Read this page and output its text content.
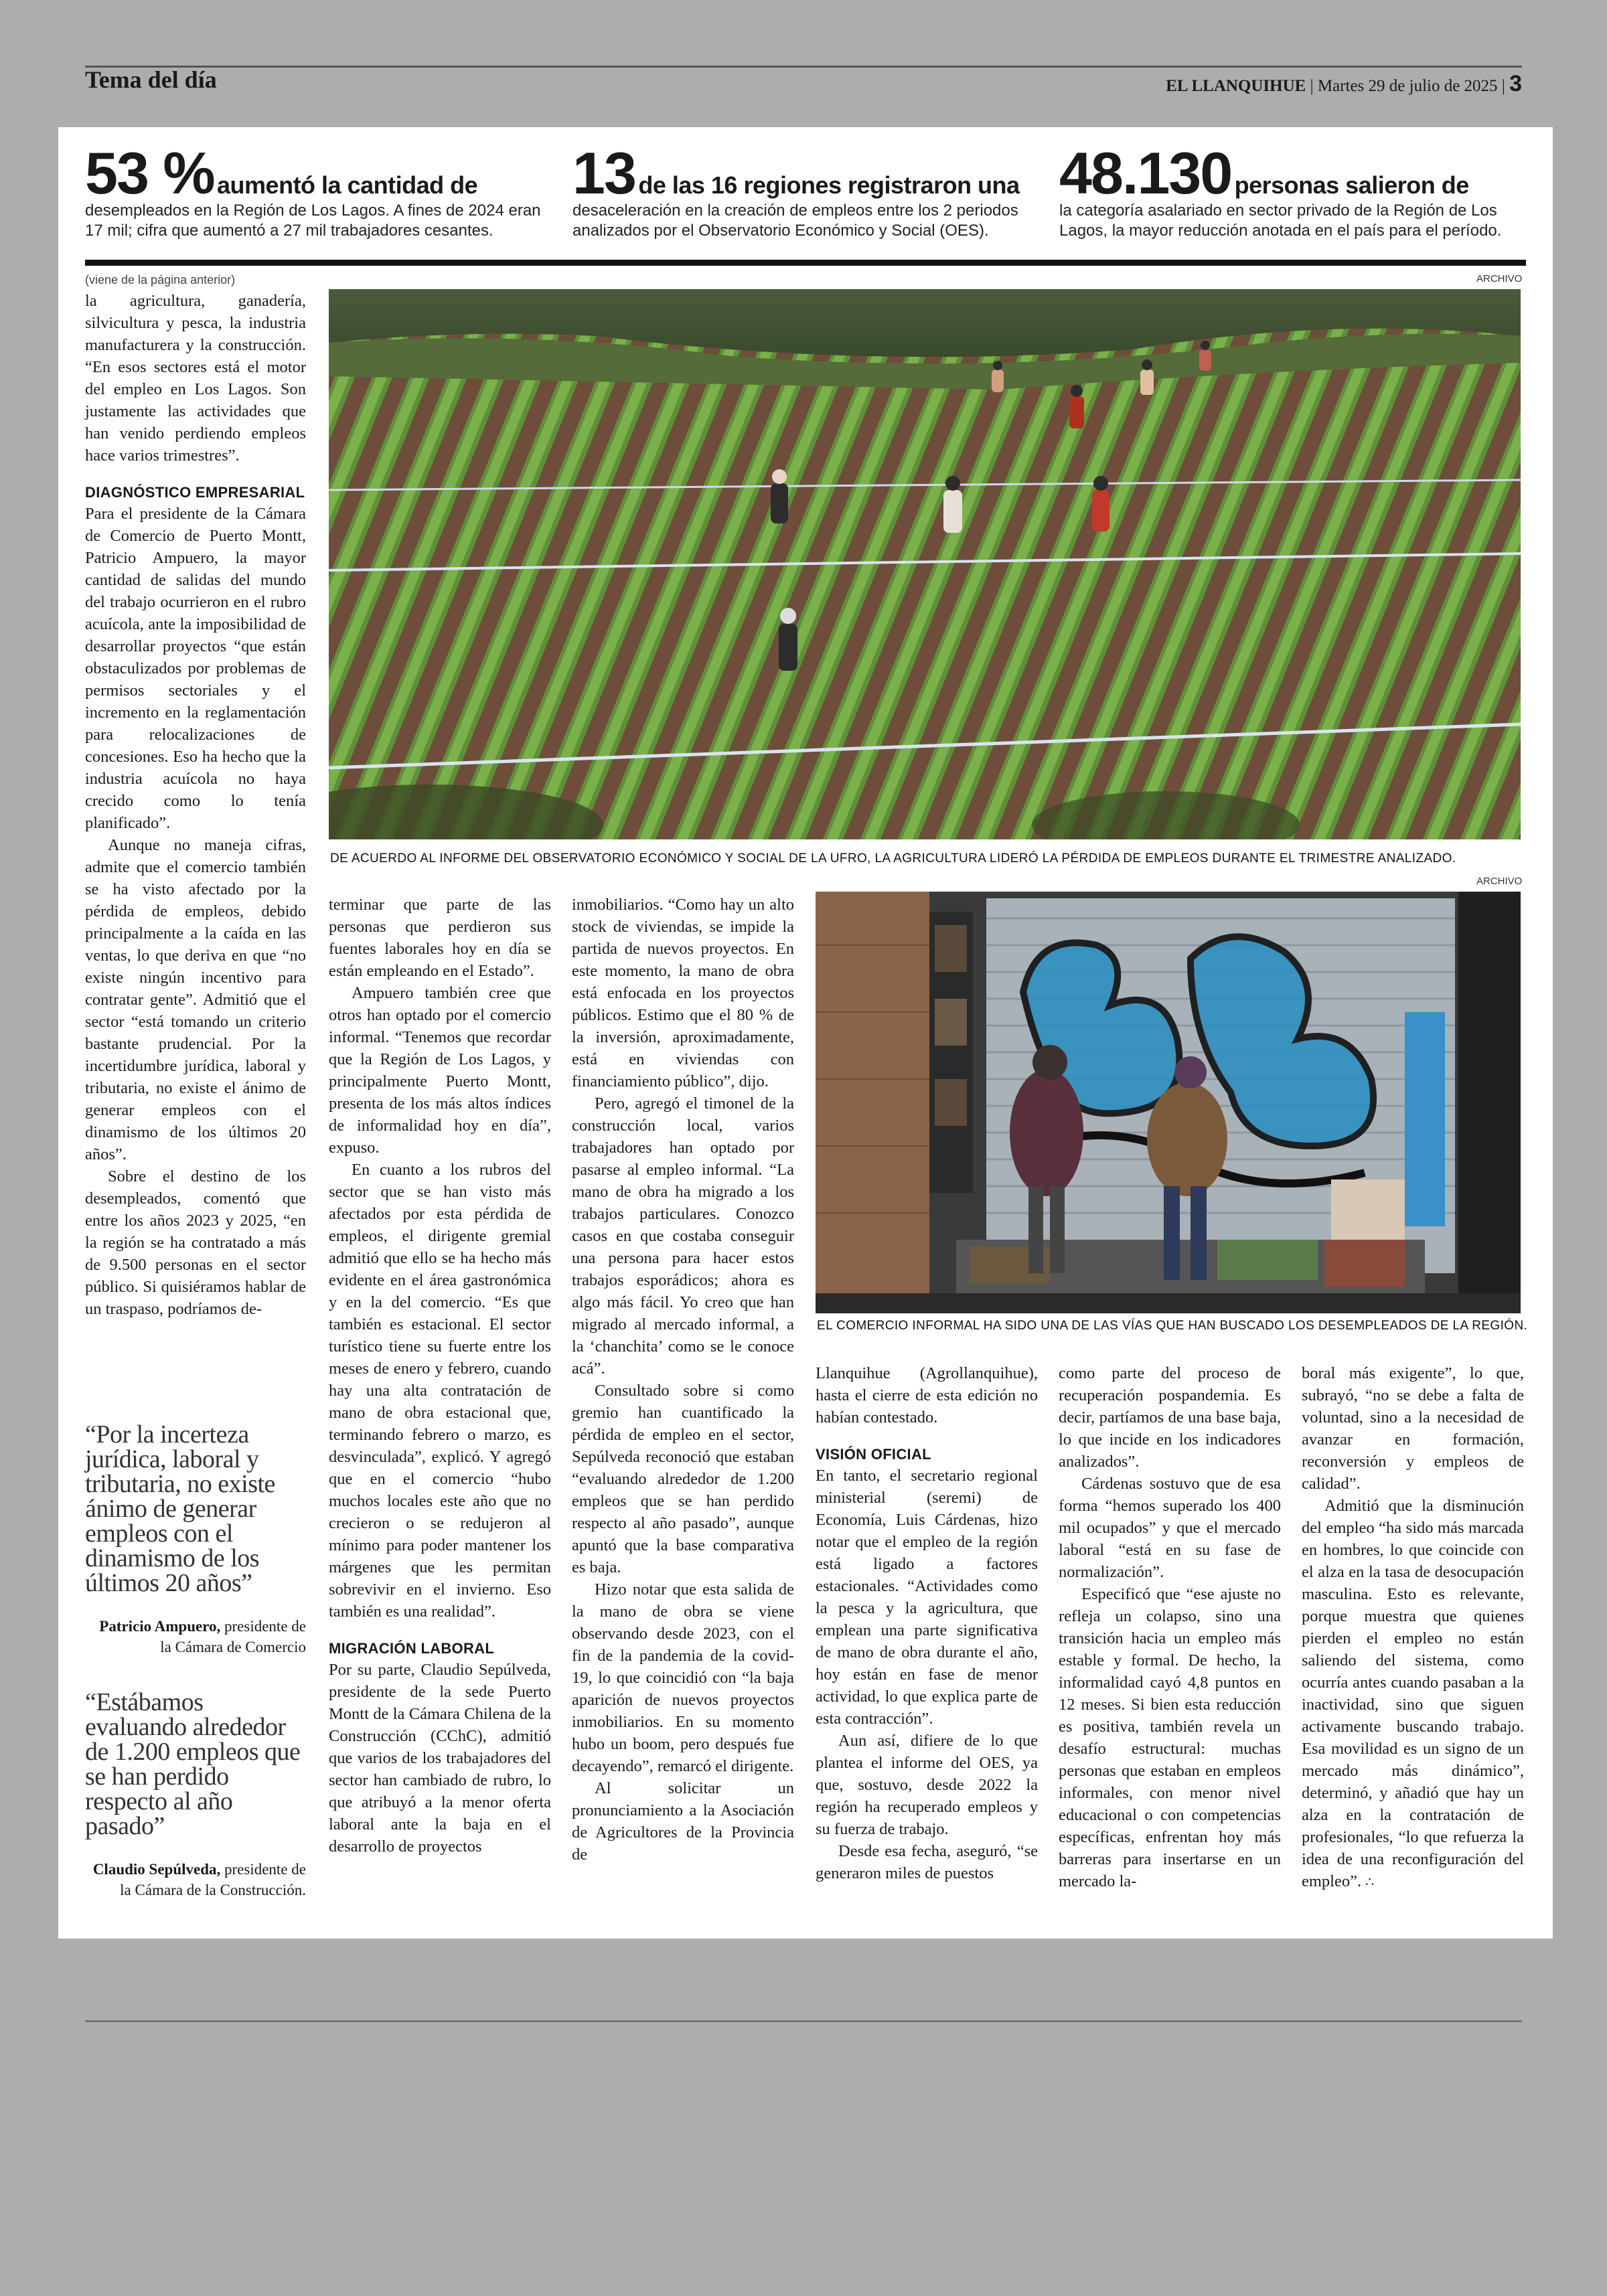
Tema del día	EL LLANQUIHUE | Martes 29 de julio de 2025 | 3
53 % aumentó la cantidad de
desempleados en la Región de Los Lagos. A fines de 2024 eran 17 mil; cifra que aumentó a 27 mil trabajadores cesantes.
13 de las 16 regiones registraron una
desaceleración en la creación de empleos entre los 2 periodos analizados por el Observatorio Económico y Social (OES).
48.130 personas salieron de
la categoría asalariado en sector privado de la Región de Los Lagos, la mayor reducción anotada en el país para el período.
(viene de la página anterior)	ARCHIVO
DE ACUERDO AL INFORME DEL OBSERVATORIO ECONÓMICO Y SOCIAL DE LA UFRO, LA AGRICULTURA LIDERÓ LA PÉRDIDA DE EMPLEOS DURANTE EL TRIMESTRE ANALIZADO.
ARCHIVO
EL COMERCIO INFORMAL HA SIDO UNA DE LAS VÍAS QUE HAN BUSCADO LOS DESEMPLEADOS DE LA REGIÓN.

la agricultura, ganadería, silvicultura y pesca, la industria manufacturera y la construcción. “En esos sectores está el motor del empleo en Los Lagos. Son justamente las actividades que han venido perdiendo empleos hace varios trimestres”.

DIAGNÓSTICO EMPRESARIAL

Para el presidente de la Cámara de Comercio de Puerto Montt, Patricio Ampuero, la mayor cantidad de salidas del mundo del trabajo ocurrieron en el rubro acuícola, ante la imposibilidad de desarrollar proyectos “que están obstaculizados por problemas de permisos sectoriales y el incremento en la reglamentación para relocalizaciones de concesiones. Eso ha hecho que la industria acuícola no haya crecido como lo tenía planificado”.

Aunque no maneja cifras, admite que el comercio también se ha visto afectado por la pérdida de empleos, debido principalmente a la caída en las ventas, lo que deriva en que “no existe ningún incentivo para contratar gente”. Admitió que el sector “está tomando un criterio bastante prudencial. Por la incertidumbre jurídica, laboral y tributaria, no existe el ánimo de generar empleos con el dinamismo de los últimos 20 años”.

Sobre el destino de los desempleados, comentó que entre los años 2023 y 2025, “en la región se ha contratado a más de 9.500 personas en el sector público. Si quisiéramos hablar de un traspaso, podríamos de-

“Por la incerteza jurídica, laboral y tributaria, no existe ánimo de generar empleos con el dinamismo de los últimos 20 años”
Patricio Ampuero, presidente de la Cámara de Comercio
“Estábamos evaluando alrededor de 1.200 empleos que se han perdido respecto al año pasado”
Claudio Sepúlveda, presidente de la Cámara de la Construcción.

terminar que parte de las personas que perdieron sus fuentes laborales hoy en día se están empleando en el Estado”.

Ampuero también cree que otros han optado por el comercio informal. “Tenemos que recordar que la Región de Los Lagos, y principalmente Puerto Montt, presenta de los más altos índices de informalidad hoy en día”, expuso.

En cuanto a los rubros del sector que se han visto más afectados por esta pérdida de empleos, el dirigente gremial admitió que ello se ha hecho más evidente en el área gastronómica y en la del comercio. “Es que también es estacional. El sector turístico tiene su fuerte entre los meses de enero y febrero, cuando hay una alta contratación de mano de obra estacional que, terminando febrero o marzo, es desvinculada”, explicó. Y agregó que en el comercio “hubo muchos locales este año que no crecieron o se redujeron al mínimo para poder mantener los márgenes que les permitan sobrevivir en el invierno. Eso también es una realidad”.

MIGRACIÓN LABORAL

Por su parte, Claudio Sepúlveda, presidente de la sede Puerto Montt de la Cámara Chilena de la Construcción (CChC), admitió que varios de los trabajadores del sector han cambiado de rubro, lo que atribuyó a la menor oferta laboral ante la baja en el desarrollo de proyectos

inmobiliarios. “Como hay un alto stock de viviendas, se impide la partida de nuevos proyectos. En este momento, la mano de obra está enfocada en los proyectos públicos. Estimo que el 80 % de la inversión, aproximadamente, está en viviendas con financiamiento público”, dijo.

Pero, agregó el timonel de la construcción local, varios trabajadores han optado por pasarse al empleo informal. “La mano de obra ha migrado a los trabajos particulares. Conozco casos en que costaba conseguir una persona para hacer estos trabajos esporádicos; ahora es algo más fácil. Yo creo que han migrado al mercado informal, a la ‘chanchita’ como se le conoce acá”.

Consultado sobre si como gremio han cuantificado la pérdida de empleo en el sector, Sepúlveda reconoció que estaban “evaluando alrededor de 1.200 empleos que se han perdido respecto al año pasado”, aunque apuntó que la base comparativa es baja.

Hizo notar que esta salida de la mano de obra se viene observando desde 2023, con el fin de la pandemia de la covid-19, lo que coincidió con “la baja aparición de nuevos proyectos inmobiliarios. En su momento hubo un boom, pero después fue decayendo”, remarcó el dirigente.

Al solicitar un pronunciamiento a la Asociación de Agricultores de la Provincia de

Llanquihue (Agrollanquihue), hasta el cierre de esta edición no habían contestado.

VISIÓN OFICIAL

En tanto, el secretario regional ministerial (seremi) de Economía, Luis Cárdenas, hizo notar que el empleo de la región está ligado a factores estacionales. “Actividades como la pesca y la agricultura, que emplean una parte significativa de mano de obra durante el año, hoy están en fase de menor actividad, lo que explica parte de esta contracción”.

Aun así, difiere de lo que plantea el informe del OES, ya que, sostuvo, desde 2022 la región ha recuperado empleos y su fuerza de trabajo.

Desde esa fecha, aseguró, “se generaron miles de puestos

como parte del proceso de recuperación pospandemia. Es decir, partíamos de una base baja, lo que incide en los indicadores analizados”.

Cárdenas sostuvo que de esa forma “hemos superado los 400 mil ocupados” y que el mercado laboral “está en su fase de normalización”.

Especificó que “ese ajuste no refleja un colapso, sino una transición hacia un empleo más estable y formal. De hecho, la informalidad cayó 4,8 puntos en 12 meses. Si bien esta reducción es positiva, también revela un desafío estructural: muchas personas que estaban en empleos informales, con menor nivel educacional o con competencias específicas, enfrentan hoy más barreras para insertarse en un mercado la-

boral más exigente”, lo que, subrayó, “no se debe a falta de voluntad, sino a la necesidad de avanzar en formación, reconversión y empleos de calidad”.

Admitió que la disminución del empleo “ha sido más marcada en hombres, lo que coincide con el alza en la tasa de desocupación masculina. Esto es relevante, porque muestra que quienes pierden el empleo no están saliendo del sistema, como ocurría antes cuando pasaban a la inactividad, sino que siguen activamente buscando trabajo. Esa movilidad es un signo de un mercado más dinámico”, determinó, y añadió que hay un alza en la contratación de profesionales, “lo que refuerza la idea de una reconfiguración del empleo”. ∴
